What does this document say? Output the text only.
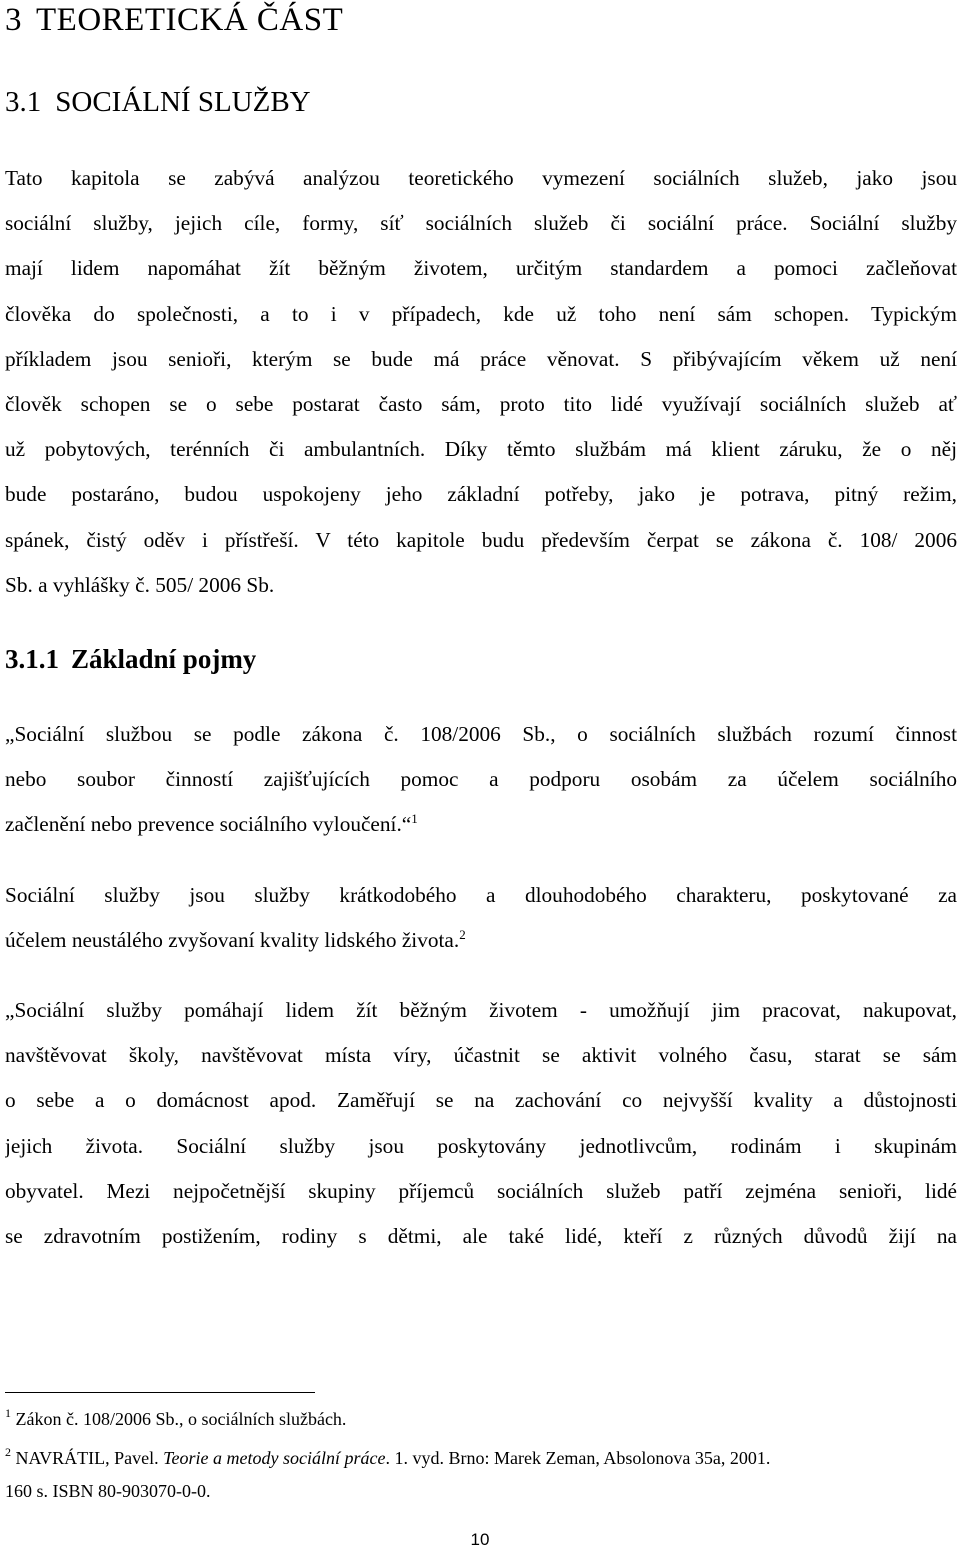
3 TEORETICKÁ ČÁST
3.1 SOCIÁLNÍ SLUŽBY
Tato kapitola se zabývá analýzou teoretického vymezení sociálních služeb, jako jsou
sociální služby, jejich cíle, formy, síť sociálních služeb či sociální práce. Sociální služby
mají lidem napomáhat žít běžným životem, určitým standardem a pomoci začleňovat
člověka do společnosti, a to i v případech, kde už toho není sám schopen. Typickým
příkladem jsou senioři, kterým se bude má práce věnovat. S přibývajícím věkem už není
člověk schopen se o sebe postarat často sám, proto tito lidé využívají sociálních služeb ať
už pobytových, terénních či ambulantních. Díky těmto službám má klient záruku, že o něj
bude postaráno, budou uspokojeny jeho základní potřeby, jako je potrava, pitný režim,
spánek, čistý oděv i přístřeší. V této kapitole budu především čerpat se zákona č. 108/ 2006
Sb. a vyhlášky č. 505/ 2006 Sb.
3.1.1 Základní pojmy
„Sociální službou se podle zákona č. 108/2006 Sb., o sociálních službách rozumí činnost
nebo soubor činností zajišťujících pomoc a podporu osobám za účelem sociálního
začlenění nebo prevence sociálního vyloučení.“$^1$
Sociální služby jsou služby krátkodobého a dlouhodobého charakteru, poskytované za
účelem neustálého zvyšovaní kvality lidského života.$^2$
„Sociální služby pomáhají lidem žít běžným životem - umožňují jim pracovat, nakupovat,
navštěvovat školy, navštěvovat místa víry, účastnit se aktivit volného času, starat se sám
o sebe a o domácnost apod. Zaměřují se na zachování co nejvyšší kvality a důstojnosti
jejich života. Sociální služby jsou poskytovány jednotlivcům, rodinám i skupinám
obyvatel. Mezi nejpočetnější skupiny příjemců sociálních služeb patří zejména senioři, lidé
se zdravotním postižením, rodiny s dětmi, ale také lidé, kteří z různých důvodů žijí na
$^1$ Zákon č. 108/2006 Sb., o sociálních službách.
$^2$ NAVRÁTIL, Pavel. Teorie a metody sociální práce. 1. vyd. Brno: Marek Zeman, Absolonova 35a, 2001.
160 s. ISBN 80-903070-0-0.
10
